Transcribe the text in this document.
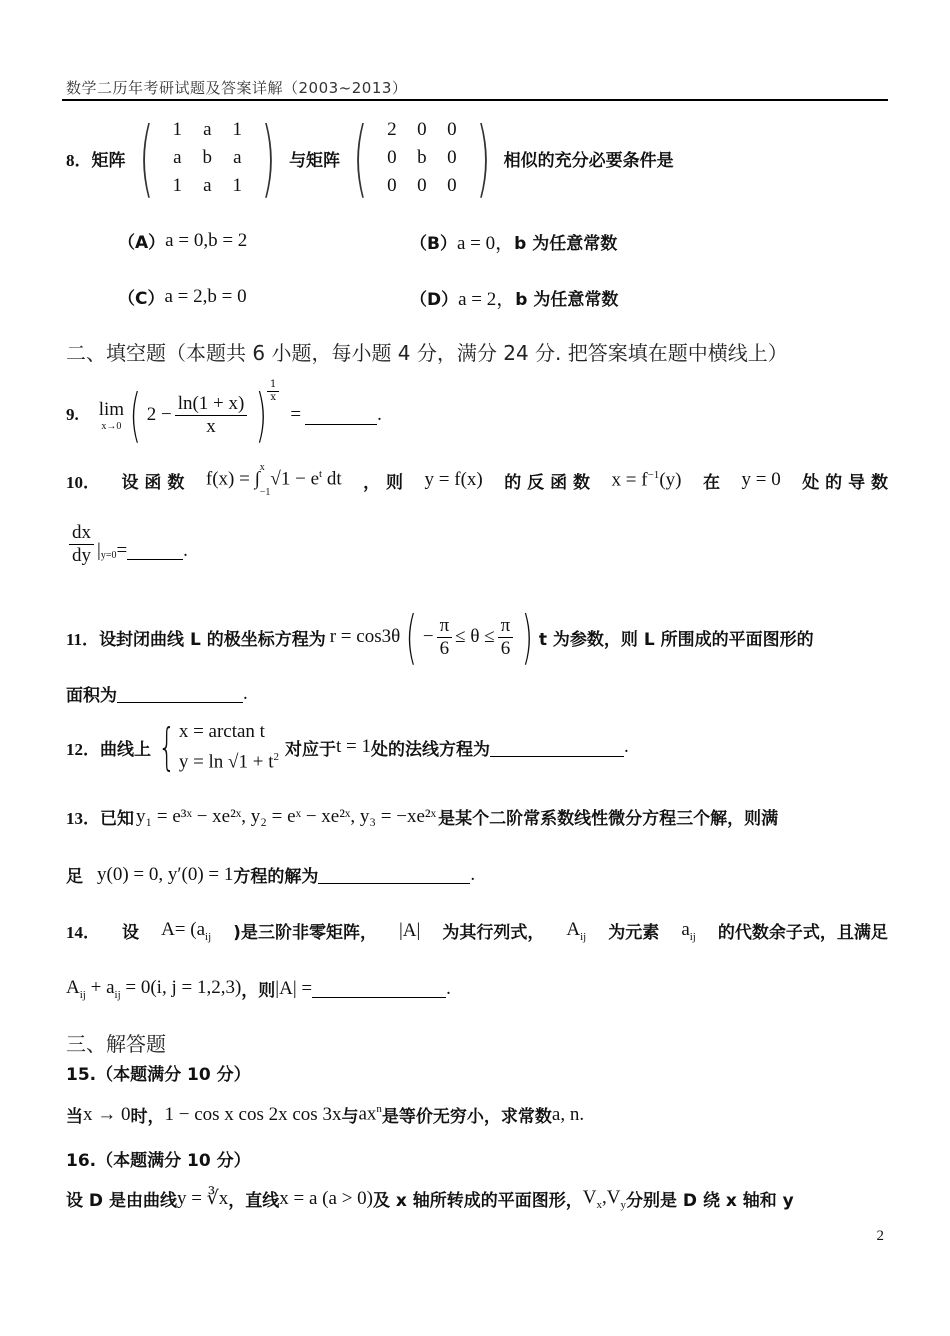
数学二历年考研试题及答案详解（2003~2013）
8． 矩阵 (	1	a	1
a	b	a
1	a	1 ) 与矩阵 (	2	0	0
0	b	0
0	0	0 ) 相似的充分必要条件是
（A） a = 0,b = 2	（B） a = 0， b 为任意常数
（C） a = 2,b = 0	（D） a = 2， b 为任意常数
二、填空题（本题共 6 小题，每小题 4 分，满分 24 分. 把答案填在题中横线上）
9. lim
x→0 ( $2 - \frac{\ln(1 + x)}{x}$ ) $\frac{1}{x}$
=	.
10． 设 函 数 f(x) = ∫
x
−1
$√1 - e^t$ dt ， 则 y = f(x) 的 反 函 数 $x = f^{-1}(y)$ 在 y = 0 处 的 导 数
$\frac{dx}{dy}$ | y=0 =	.
11． 设封闭曲线 L 的极坐标方程为 r = cos3θ ( − $\frac{\pi}{6} \le \theta \le \frac{\pi}{6}$ ) t 为参数，则 L 所围成的平面图形的
面积为	.
12． 曲线上 { x = arctan t
$y = \ln √1 + t^2$ 对应于 t = 1 处的法线方程为	.
13． 已知 y₁ = e³ˣ − xe²ˣ, y₂ = eˣ − xe²ˣ, y₃ = −xe²ˣ 是某个二阶常系数线性微分方程三个解，则满
足 y(0) = 0, y′(0) = 1 方程的解为	.
14． 设 $A= (a_{ij}$ )是三阶非零矩阵， |A| 为其行列式， $A_{ij}$ 为元素 $a_{ij}$ 的代数余子式，且满足
$A_{ij} + a_{ij} = 0(i$, j = 1,2,3) ，则 |A| =	.
三、解答题
15.（本题满分 10 分）
当 x → 0 时， 1 − cos x cos 2x cos 3x 与 $ax^n$ 是等价无穷小，求常数 a, n .
16.（本题满分 10 分）
设 D 是由曲线 y = ∛x ，直线 x = a (a > 0) 及 x 轴所转成的平面图形， $V_x,V_y$ 分别是 D 绕 x 轴和 y
2
